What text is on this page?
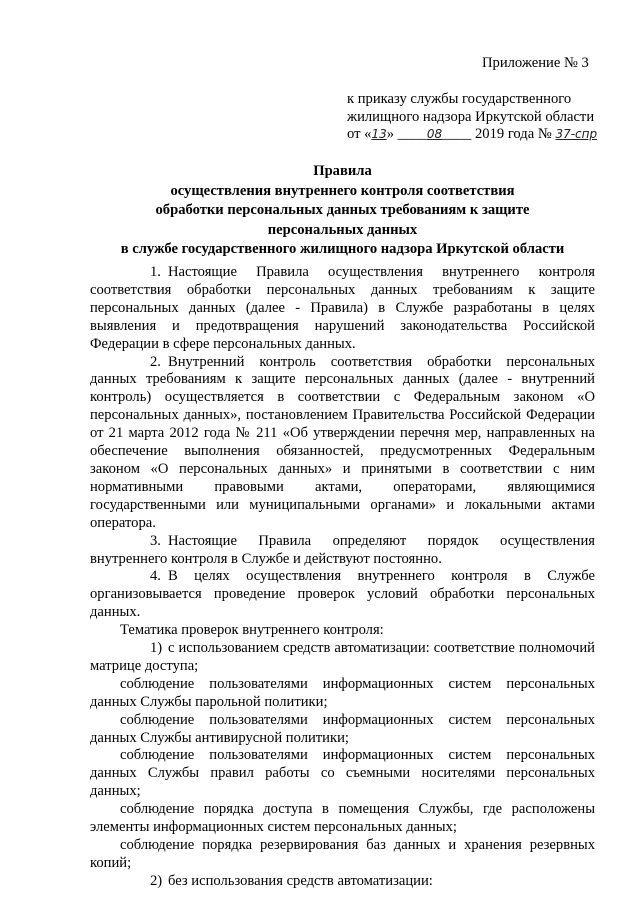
Приложение № 3
к приказу службы государственного
жилищного надзора Иркутской области
от «13» ____08____ 2019 года № 37-спр
Правила
осуществления внутреннего контроля соответствия
обработки персональных данных требованиям к защите
персональных данных
в службе государственного жилищного надзора Иркутской области

1. Настоящие Правила осуществления внутреннего контроля соответствия обработки персональных данных требованиям к защите персональных данных (далее - Правила) в Службе разработаны в целях выявления и предотвращения нарушений законодательства Российской Федерации в сфере персональных данных.

2. Внутренний контроль соответствия обработки персональных данных требованиям к защите персональных данных (далее - внутренний контроль) осуществляется в соответствии с Федеральным законом «О персональных данных», постановлением Правительства Российской Федерации от 21 марта 2012 года № 211 «Об утверждении перечня мер, направленных на обеспечение выполнения обязанностей, предусмотренных Федеральным законом «О персональных данных» и принятыми в соответствии с ним нормативными правовыми актами, операторами, являющимися государственными или муниципальными органами» и локальными актами оператора.

3. Настоящие Правила определяют порядок осуществления внутреннего контроля в Службе и действуют постоянно.

4. В целях осуществления внутреннего контроля в Службе организовывается проведение проверок условий обработки персональных данных.

Тематика проверок внутреннего контроля:

1) с использованием средств автоматизации: соответствие полномочий матрице доступа;

соблюдение пользователями информационных систем персональных данных Службы парольной политики;

соблюдение пользователями информационных систем персональных данных Службы антивирусной политики;

соблюдение пользователями информационных систем персональных данных Службы правил работы со съемными носителями персональных данных;

соблюдение порядка доступа в помещения Службы, где расположены элементы информационных систем персональных данных;

соблюдение порядка резервирования баз данных и хранения резервных копий;

2) без использования средств автоматизации:
